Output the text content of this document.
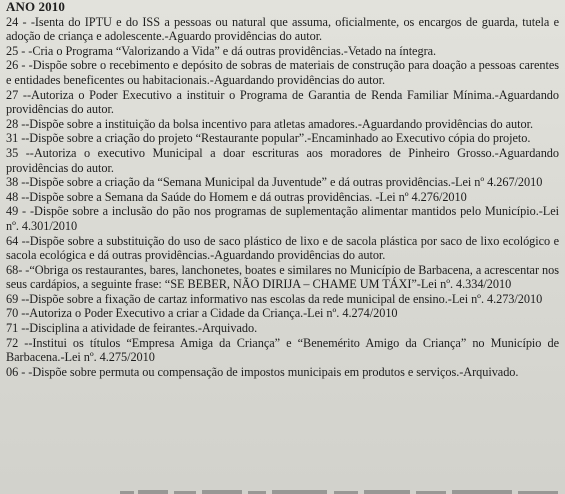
ANO 2010
24 - -Isenta do IPTU e do ISS a pessoas ou natural que assuma, oficialmente, os encargos de guarda, tutela e adoção de criança e adolescente.-Aguardo providências do autor.
25 - -Cria o Programa “Valorizando a Vida” e dá outras providências.-Vetado na íntegra.
26 - -Dispõe sobre o recebimento e depósito de sobras de materiais de construção para doação a pessoas carentes e entidades beneficentes ou habitacionais.-Aguardando providências do autor.
27 --Autoriza o Poder Executivo a instituir o Programa de Garantia de Renda Familiar Mínima.-Aguardando providências do autor.
28 --Dispõe sobre a instituição da bolsa incentivo para atletas amadores.-Aguardando providências do autor.
31 --Dispõe sobre a criação do projeto “Restaurante popular”.-Encaminhado ao Executivo cópia do projeto.
35 --Autoriza o executivo Municipal a doar escrituras aos moradores de Pinheiro Grosso.-Aguardando providências do autor.
38 --Dispõe sobre a criação da “Semana Municipal da Juventude” e dá outras providências.-Lei nº 4.267/2010
48 --Dispõe sobre a Semana da Saúde do Homem e dá outras providências. -Lei nº 4.276/2010
49 - -Dispõe sobre a inclusão do pão nos programas de suplementação alimentar mantidos pelo Município.-Lei nº. 4.301/2010
64 --Dispõe sobre a substituição do uso de saco plástico de lixo e de sacola plástica por saco de lixo ecológico e sacola ecológica e dá outras providências.-Aguardando providências do autor.
68- -“Obriga os restaurantes, bares, lanchonetes, boates e similares no Município de Barbacena, a acrescentar nos seus cardápios, a seguinte frase: “SE BEBER, NÃO DIRIJA – CHAME UM TÁXI”-Lei nº. 4.334/2010
69 --Dispõe sobre a fixação de cartaz informativo nas escolas da rede municipal de ensino.-Lei nº. 4.273/2010
70 --Autoriza o Poder Executivo a criar a Cidade da Criança.-Lei nº. 4.274/2010
71 --Disciplina a atividade de feirantes.-Arquivado.
72 --Institui os títulos “Empresa Amiga da Criança” e “Benemérito Amigo da Criança” no Município de Barbacena.-Lei nº. 4.275/2010
06 - -Dispõe sobre permuta ou compensação de impostos municipais em produtos e serviços.-Arquivado.
